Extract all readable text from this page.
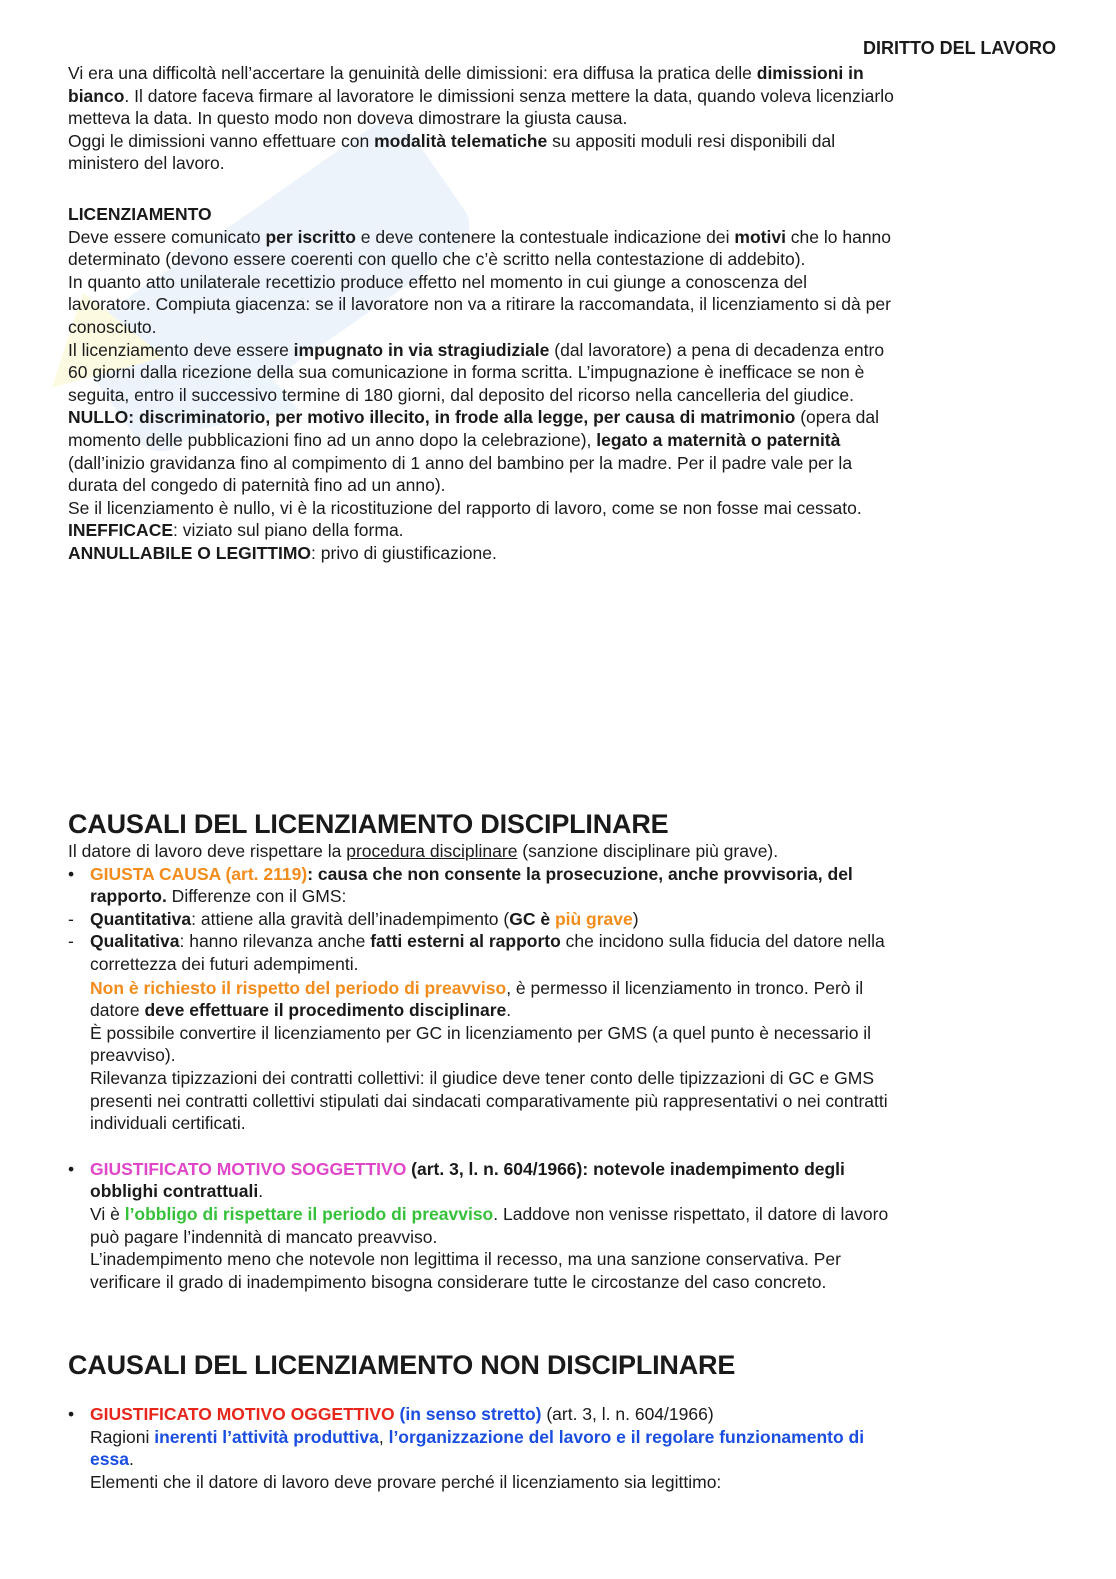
DIRITTO DEL LAVORO

Vi era una difficoltà nell’accertare la genuinità delle dimissioni: era diffusa la pratica delle dimissioni in
bianco. Il datore faceva firmare al lavoratore le dimissioni senza mettere la data, quando voleva licenziarlo
metteva la data. In questo modo non doveva dimostrare la giusta causa.

Oggi le dimissioni vanno effettuare con modalità telematiche su appositi moduli resi disponibili dal
ministero del lavoro.

LICENZIAMENTO

Deve essere comunicato per iscritto e deve contenere la contestuale indicazione dei motivi che lo hanno
determinato (devono essere coerenti con quello che c’è scritto nella contestazione di addebito).
In quanto atto unilaterale recettizio produce effetto nel momento in cui giunge a conoscenza del
lavoratore. Compiuta giacenza: se il lavoratore non va a ritirare la raccomandata, il licenziamento si dà per
conosciuto.
Il licenziamento deve essere impugnato in via stragiudiziale (dal lavoratore) a pena di decadenza entro
60 giorni dalla ricezione della sua comunicazione in forma scritta. L’impugnazione è inefficace se non è
seguita, entro il successivo termine di 180 giorni, dal deposito del ricorso nella cancelleria del giudice.
NULLO: discriminatorio, per motivo illecito, in frode alla legge, per causa di matrimonio (opera dal
momento delle pubblicazioni fino ad un anno dopo la celebrazione), legato a maternità o paternità
(dall’inizio gravidanza fino al compimento di 1 anno del bambino per la madre. Per il padre vale per la
durata del congedo di paternità fino ad un anno).
Se il licenziamento è nullo, vi è la ricostituzione del rapporto di lavoro, come se non fosse mai cessato.
INEFFICACE: viziato sul piano della forma.
ANNULLABILE O LEGITTIMO: privo di giustificazione.

CAUSALI DEL LICENZIAMENTO DISCIPLINARE

Il datore di lavoro deve rispettare la procedura disciplinare (sanzione disciplinare più grave).

• GIUSTA CAUSA (art. 2119): causa che non consente la prosecuzione, anche provvisoria, del
rapporto. Differenze con il GMS:
- Quantitativa: attiene alla gravità dell’inadempimento (GC è più grave)
- Qualitativa: hanno rilevanza anche fatti esterni al rapporto che incidono sulla fiducia del datore nella
correttezza dei futuri adempimenti.
Non è richiesto il rispetto del periodo di preavviso, è permesso il licenziamento in tronco. Però il
datore deve effettuare il procedimento disciplinare.
È possibile convertire il licenziamento per GC in licenziamento per GMS (a quel punto è necessario il
preavviso).
Rilevanza tipizzazioni dei contratti collettivi: il giudice deve tener conto delle tipizzazioni di GC e GMS
presenti nei contratti collettivi stipulati dai sindacati comparativamente più rappresentativi o nei contratti
individuali certificati.
• GIUSTIFICATO MOTIVO SOGGETTIVO (art. 3, l. n. 604/1966): notevole inadempimento degli
obblighi contrattuali.
Vi è l’obbligo di rispettare il periodo di preavviso. Laddove non venisse rispettato, il datore di lavoro
può pagare l’indennità di mancato preavviso.
L’inadempimento meno che notevole non legittima il recesso, ma una sanzione conservativa. Per
verificare il grado di inadempimento bisogna considerare tutte le circostanze del caso concreto.
CAUSALI DEL LICENZIAMENTO NON DISCIPLINARE
• GIUSTIFICATO MOTIVO OGGETTIVO (in senso stretto) (art. 3, l. n. 604/1966)
Ragioni inerenti l’attività produttiva, l’organizzazione del lavoro e il regolare funzionamento di
essa.
Elementi che il datore di lavoro deve provare perché il licenziamento sia legittimo:
